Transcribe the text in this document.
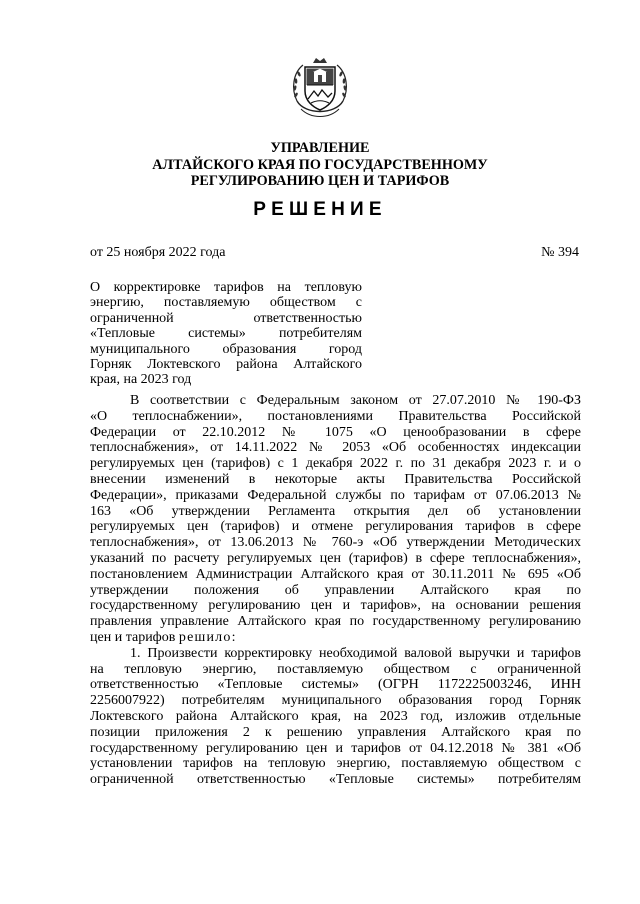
УПРАВЛЕНИЕ
АЛТАЙСКОГО КРАЯ ПО ГОСУДАРСТВЕННОМУ
РЕГУЛИРОВАНИЮ ЦЕН И ТАРИФОВ
РЕШЕНИЕ
от 25 ноября 2022 года	№ 394
О корректировке тарифов на тепловую
энергию, поставляемую обществом с
ограниченной ответственностью
«Тепловые системы» потребителям
муниципального образования город
Горняк Локтевского района Алтайского
края, на 2023 год
В соответствии с Федеральным законом от 27.07.2010 № 190-ФЗ
«О теплоснабжении», постановлениями Правительства Российской
Федерации от 22.10.2012 № 1075 «О ценообразовании в сфере
теплоснабжения», от 14.11.2022 № 2053 «Об особенностях индексации
регулируемых цен (тарифов) с 1 декабря 2022 г. по 31 декабря 2023 г. и о
внесении изменений в некоторые акты Правительства Российской
Федерации», приказами Федеральной службы по тарифам от 07.06.2013 №
163 «Об утверждении Регламента открытия дел об установлении
регулируемых цен (тарифов) и отмене регулирования тарифов в сфере
теплоснабжения», от 13.06.2013 № 760-э «Об утверждении Методических
указаний по расчету регулируемых цен (тарифов) в сфере теплоснабжения»,
постановлением Администрации Алтайского края от 30.11.2011 № 695 «Об
утверждении положения об управлении Алтайского края по
государственному регулированию цен и тарифов», на основании решения
правления управление Алтайского края по государственному регулированию
цен и тарифов решило:
1. Произвести корректировку необходимой валовой выручки и тарифов
на тепловую энергию, поставляемую обществом с ограниченной
ответственностью «Тепловые системы» (ОГРН 1172225003246, ИНН
2256007922) потребителям муниципального образования город Горняк
Локтевского района Алтайского края, на 2023 год, изложив отдельные
позиции приложения 2 к решению управления Алтайского края по
государственному регулированию цен и тарифов от 04.12.2018 № 381 «Об
установлении тарифов на тепловую энергию, поставляемую обществом с
ограниченной ответственностью «Тепловые системы» потребителям
